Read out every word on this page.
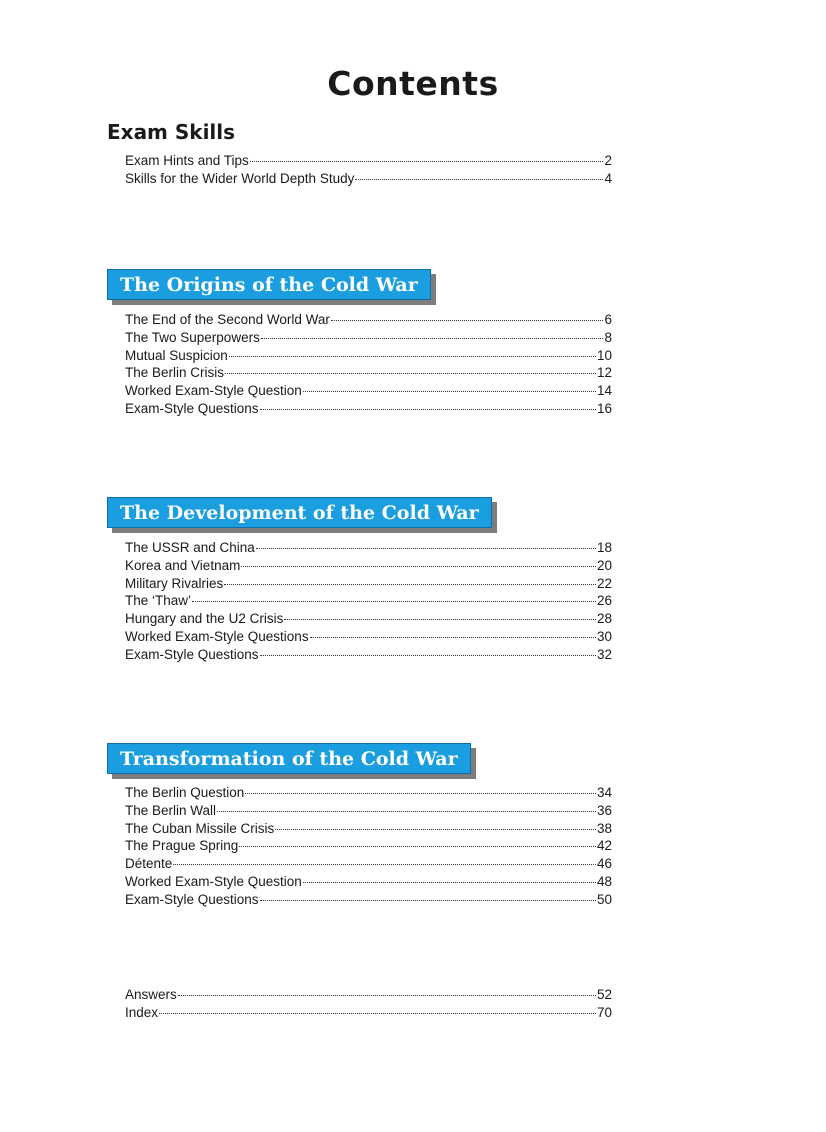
Contents
Exam Skills
Exam Hints and Tips	2
Skills for the Wider World Depth Study	4
The Origins of the Cold War
The End of the Second World War	6
The Two Superpowers	8
Mutual Suspicion	10
The Berlin Crisis	12
Worked Exam-Style Question	14
Exam-Style Questions	16
The Development of the Cold War
The USSR and China	18
Korea and Vietnam	20
Military Rivalries	22
The ‘Thaw’	26
Hungary and the U2 Crisis	28
Worked Exam-Style Questions	30
Exam-Style Questions	32
Transformation of the Cold War
The Berlin Question	34
The Berlin Wall	36
The Cuban Missile Crisis	38
The Prague Spring	42
Détente	46
Worked Exam-Style Question	48
Exam-Style Questions	50
Answers	52
Index	70
